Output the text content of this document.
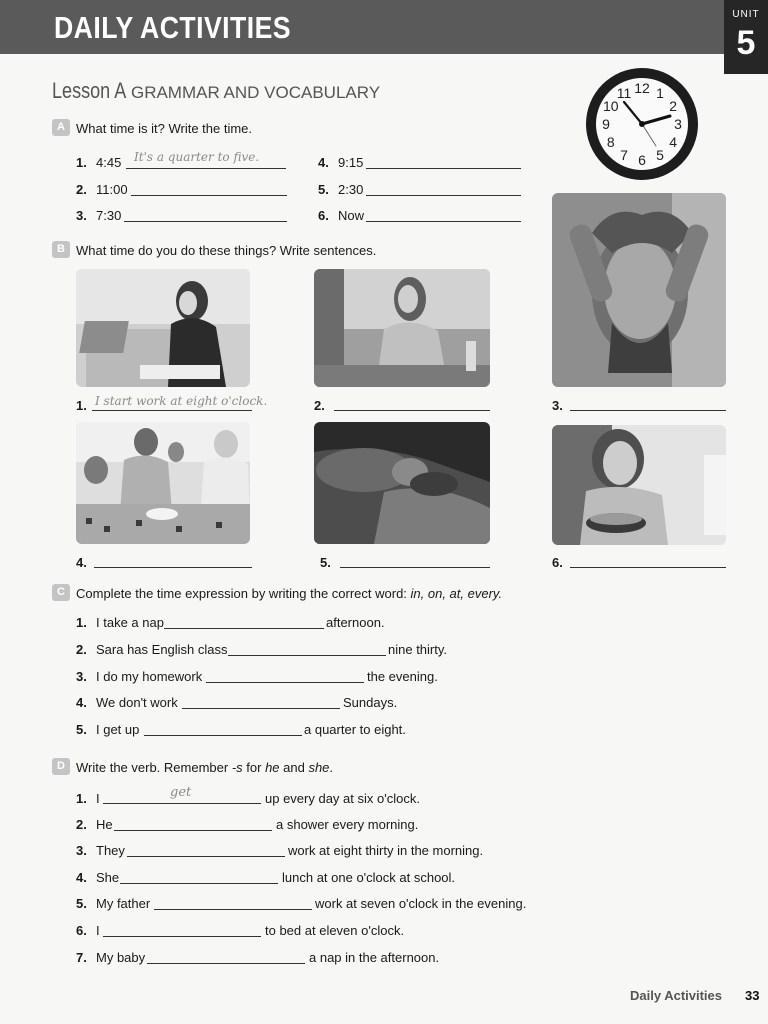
DAILY ACTIVITIES	UNIT
5
Lesson A GRAMMAR AND VOCABULARY	12 1
2
3
4
5
6
7
8
9
10
11
A What time is it? Write the time.
1. 4:45 It's a quarter to five.
2. 11:00
3. 7:30
4. 9:15
5. 2:30
6. Now
B What time do you do these things? Write sentences.
1. I start work at eight o'clock.	2.	3.
4.	5.	6.
C Complete the time expression by writing the correct word: in, on, at, every.
1. I take a nap	afternoon.
2. Sara has English class	nine thirty.
3. I do my homework	the evening.
4. We don't work	Sundays.
5. I get up	a quarter to eight.
D Write the verb. Remember -s for he and she.
1. I	get	up every day at six o'clock.
2. He	a shower every morning.
3. They	work at eight thirty in the morning.
4. She	lunch at one o'clock at school.
5. My father	work at seven o'clock in the evening.
6. I	to bed at eleven o'clock.
7. My baby	a nap in the afternoon.
Daily Activities 33
